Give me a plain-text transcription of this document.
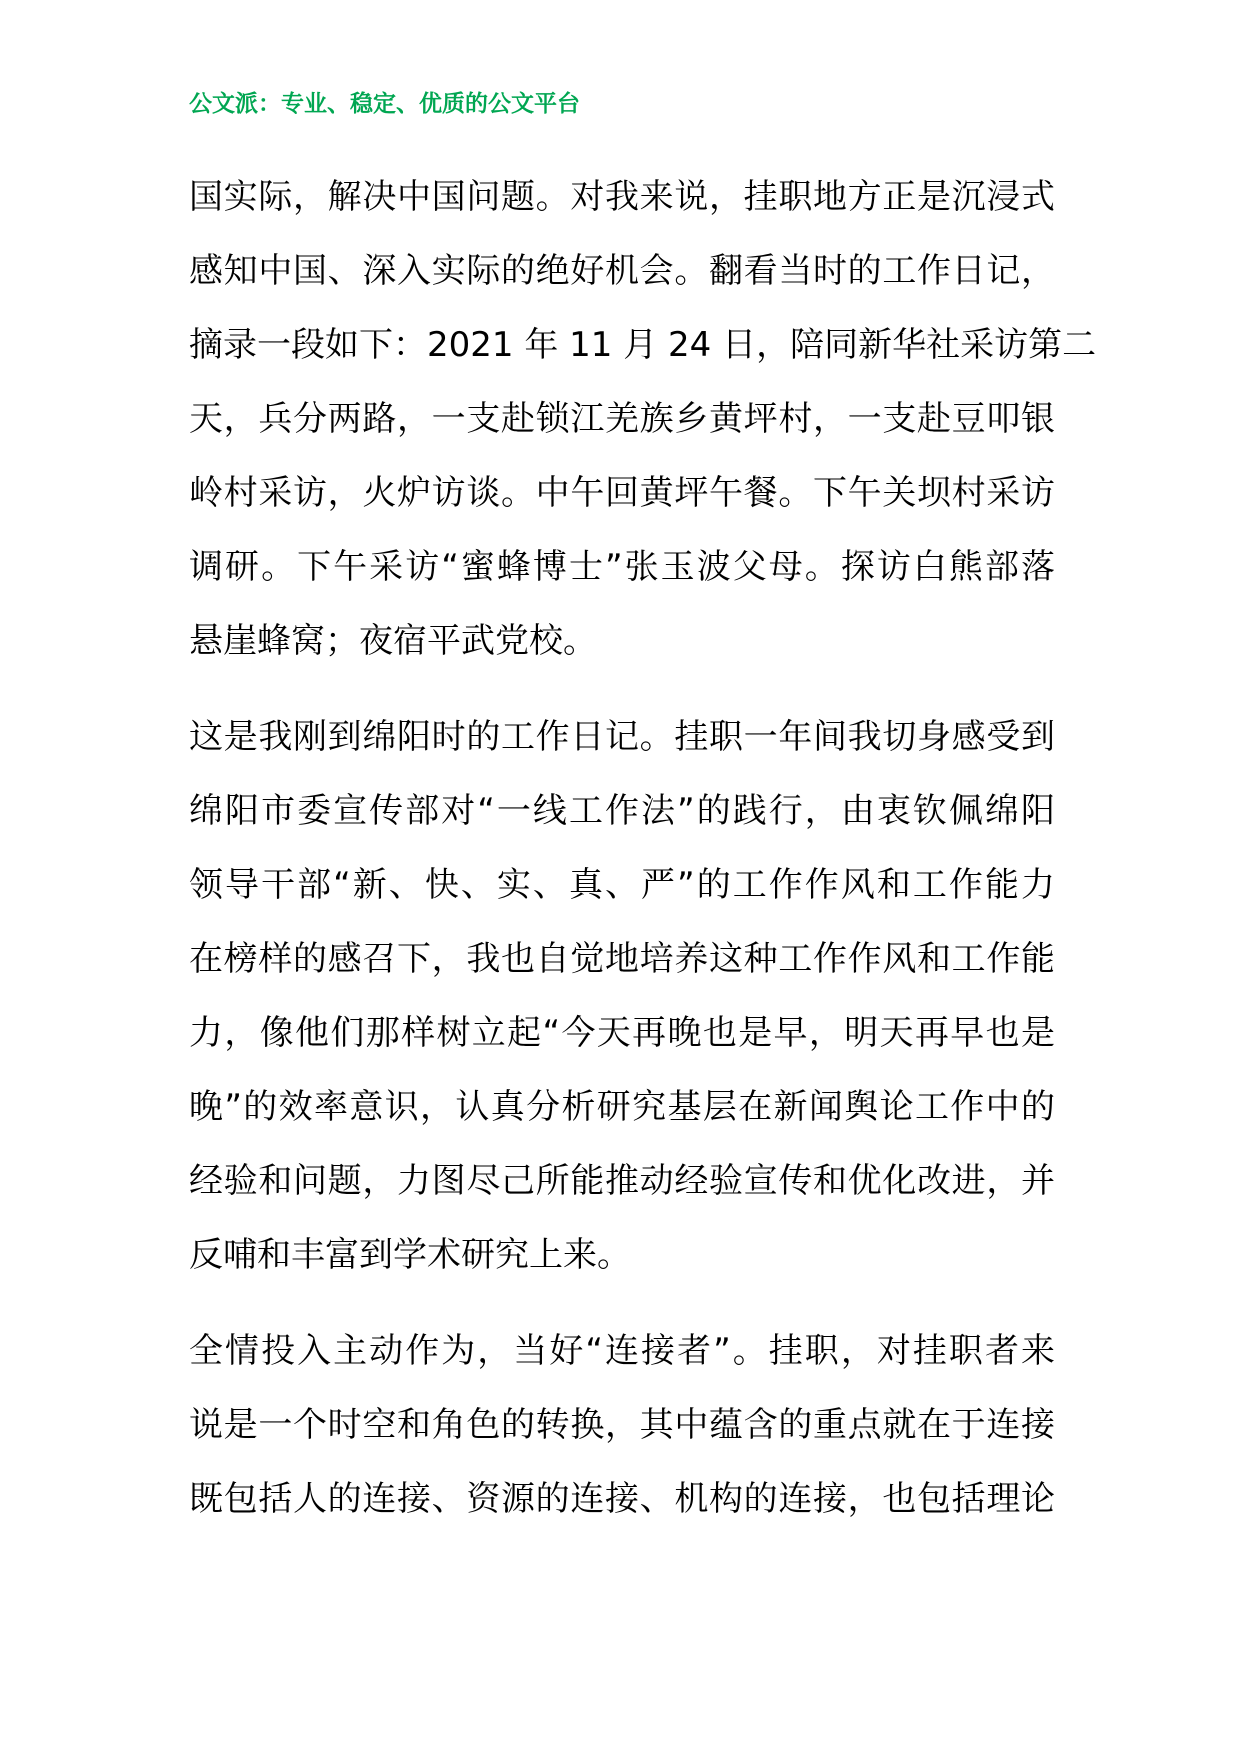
公文派：专业、稳定、优质的公文平台
国实际，解决中国问题。对我来说，挂职地方正是沉浸式
感知中国、深入实际的绝好机会。翻看当时的工作日记，
摘录一段如下：2021 年 11 月 24 日，陪同新华社采访第二
天，兵分两路，一支赴锁江羌族乡黄坪村，一支赴豆叩银
岭村采访，火炉访谈。中午回黄坪午餐。下午关坝村采访
调研。下午采访“蜜蜂博士”张玉波父母。探访白熊部落
悬崖蜂窝；夜宿平武党校。
这是我刚到绵阳时的工作日记。挂职一年间我切身感受到
绵阳市委宣传部对“一线工作法”的践行，由衷钦佩绵阳
领导干部“新、快、实、真、严”的工作作风和工作能力
在榜样的感召下，我也自觉地培养这种工作作风和工作能
力，像他们那样树立起“今天再晚也是早，明天再早也是
晚”的效率意识，认真分析研究基层在新闻舆论工作中的
经验和问题，力图尽己所能推动经验宣传和优化改进，并
反哺和丰富到学术研究上来。
全情投入主动作为，当好“连接者”。挂职，对挂职者来
说是一个时空和角色的转换，其中蕴含的重点就在于连接
既包括人的连接、资源的连接、机构的连接，也包括理论
